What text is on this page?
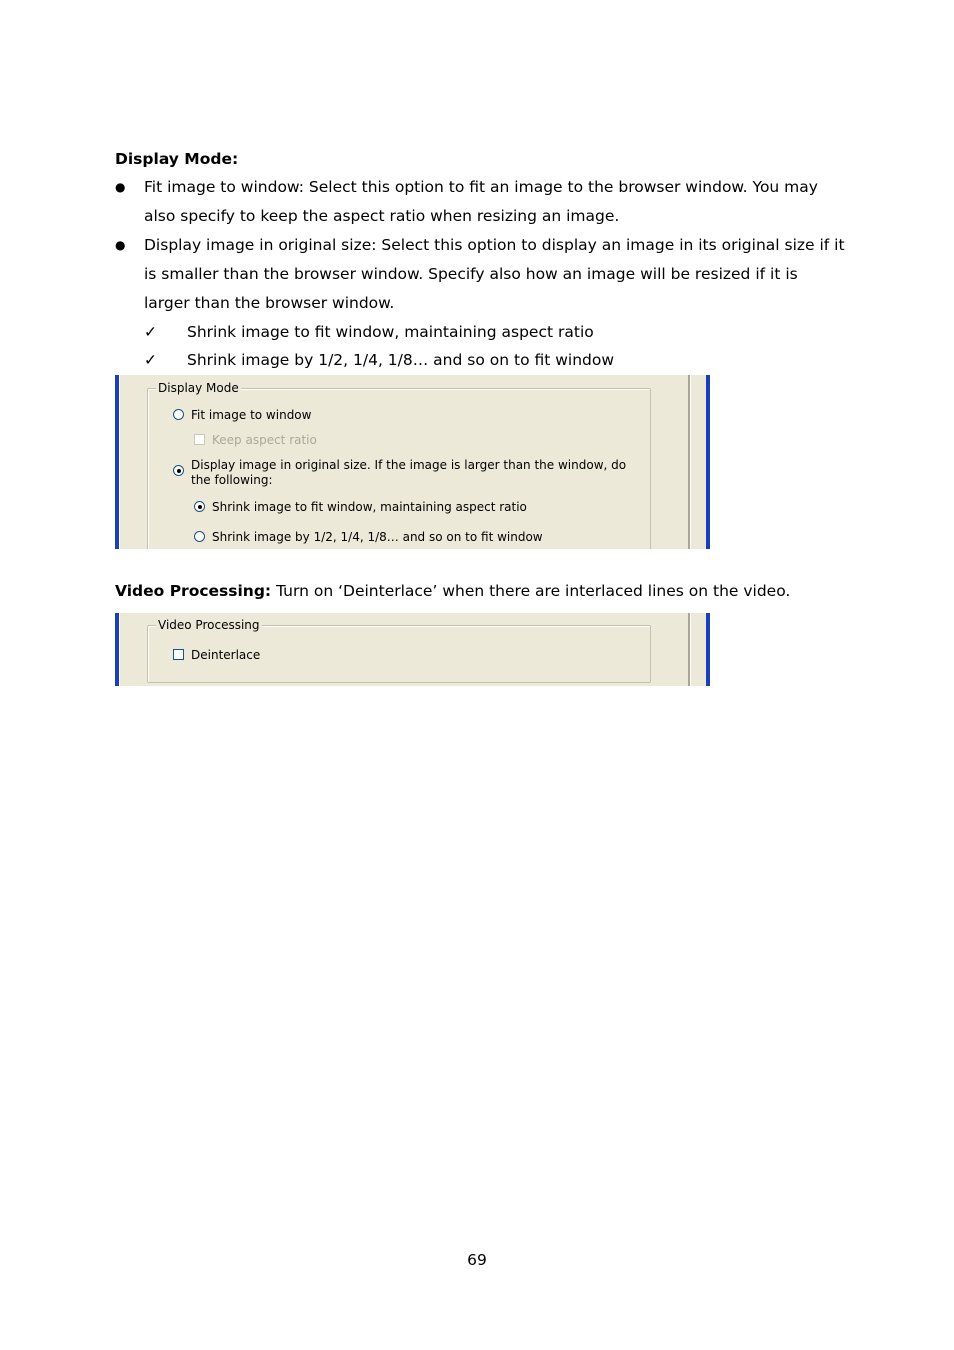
Display Mode:

● Fit image to window: Select this option to fit an image to the browser window. You may also specify to keep the aspect ratio when resizing an image.

● Display image in original size: Select this option to display an image in its original size if it is smaller than the browser window. Specify also how an image will be resized if it is larger than the browser window.

✓ Shrink image to fit window, maintaining aspect ratio

✓ Shrink image by 1/2, 1/4, 1/8… and so on to fit window

Display Mode
Fit image to window
Keep aspect ratio
Display image in original size. If the image is larger than the window, do
the following:
Shrink image to fit window, maintaining aspect ratio
Shrink image by 1/2, 1/4, 1/8… and so on to fit window

Video Processing: Turn on ‘Deinterlace’ when there are interlaced lines on the video.

Video Processing
Deinterlace
69
